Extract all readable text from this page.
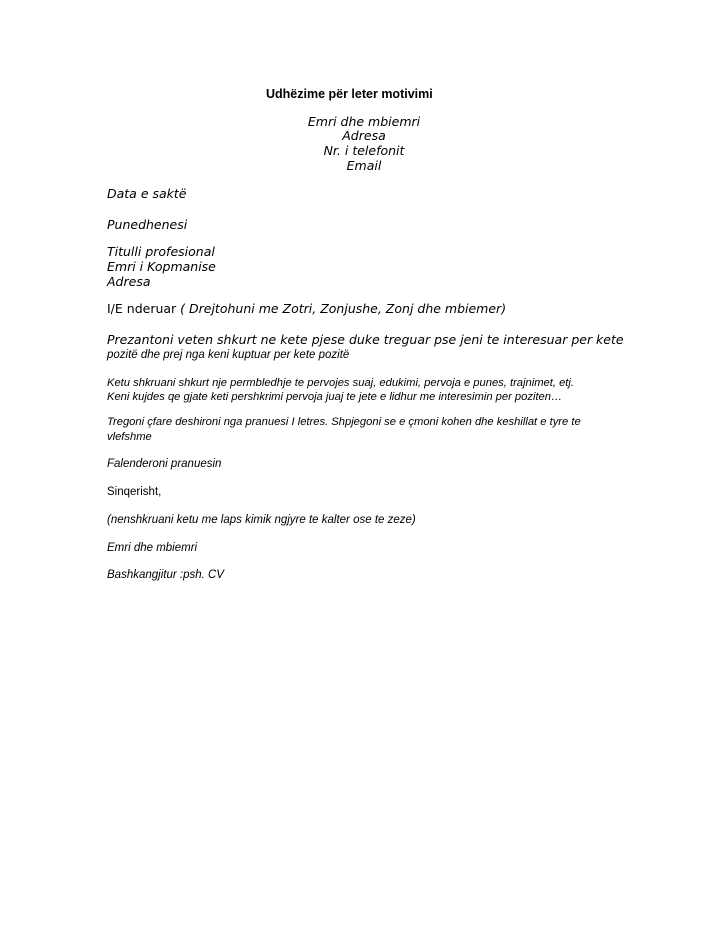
Udhëzime për leter motivimi
Emri dhe mbiemri
Adresa
Nr. i telefonit
Email
Data e saktë
Punedhenesi
Titulli profesional
Emri i Kopmanise
Adresa
I/E nderuar ( Drejtohuni me Zotri, Zonjushe, Zonj dhe mbiemer)
Prezantoni veten shkurt ne kete pjese duke treguar pse jeni te interesuar per kete
pozitë dhe prej nga keni kuptuar per kete pozitë
Ketu shkruani shkurt nje permbledhje te pervojes suaj, edukimi, pervoja e punes, trajnimet, etj.
Keni kujdes qe gjate keti pershkrimi pervoja juaj te jete e lidhur me interesimin per poziten…
Tregoni çfare deshironi nga pranuesi I letres. Shpjegoni se e çmoni kohen dhe keshillat e tyre te
vlefshme
Falenderoni pranuesin
Sinqerisht,
(nenshkruani ketu me laps kimik ngjyre te kalter ose te zeze)
Emri dhe mbiemri
Bashkangjitur :psh. CV
